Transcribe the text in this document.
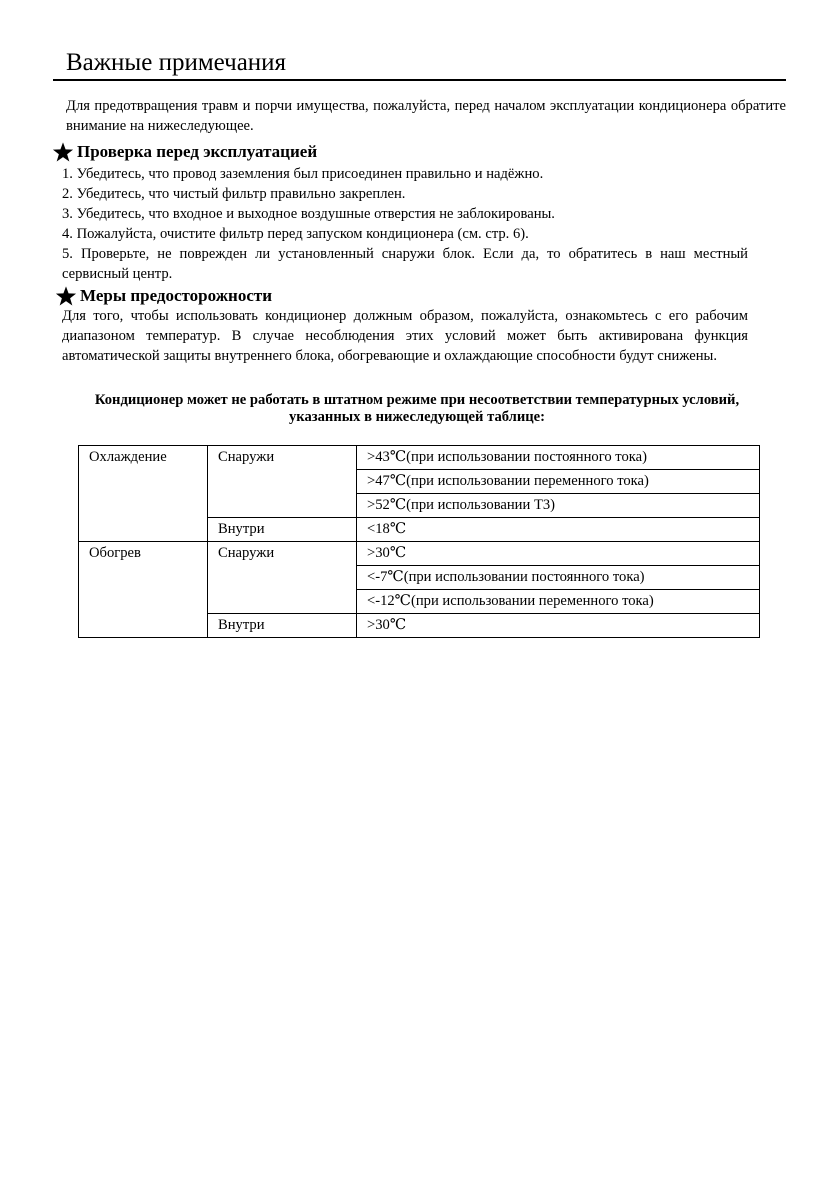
Важные примечания

Для предотвращения травм и порчи имущества, пожалуйста, перед началом эксплуатации кондиционера обратите внимание на нижеследующее.

Проверка перед эксплуатацией
1. Убедитесь, что провод заземления был присоединен правильно и надёжно.
2. Убедитесь, что чистый фильтр правильно закреплен.
3. Убедитесь, что входное и выходное воздушные отверстия не заблокированы.
4. Пожалуйста, очистите фильтр перед запуском кондиционера (см. стр. 6).
5. Проверьте, не поврежден ли установленный снаружи блок. Если да, то обратитесь в наш местный сервисный центр.
Меры предосторожности

Для того, чтобы использовать кондиционер должным образом, пожалуйста, ознакомьтесь с его рабочим диапазоном температур. В случае несоблюдения этих условий может быть активирована функция автоматической защиты внутреннего блока, обогревающие и охлаждающие способности будут снижены.

Кондиционер может не работать в штатном режиме при несоответствии температурных условий, указанных в нижеследующей таблице:

Охлаждение	Снаружи	>43℃(при использовании постоянного тока)
		>47℃(при использовании переменного тока)
		>52℃(при использовании Т3)
	Внутри	<18℃
Обогрев	Снаружи	>30℃
		<-7℃(при использовании постоянного тока)
		<-12℃(при использовании переменного тока)
	Внутри	>30℃
